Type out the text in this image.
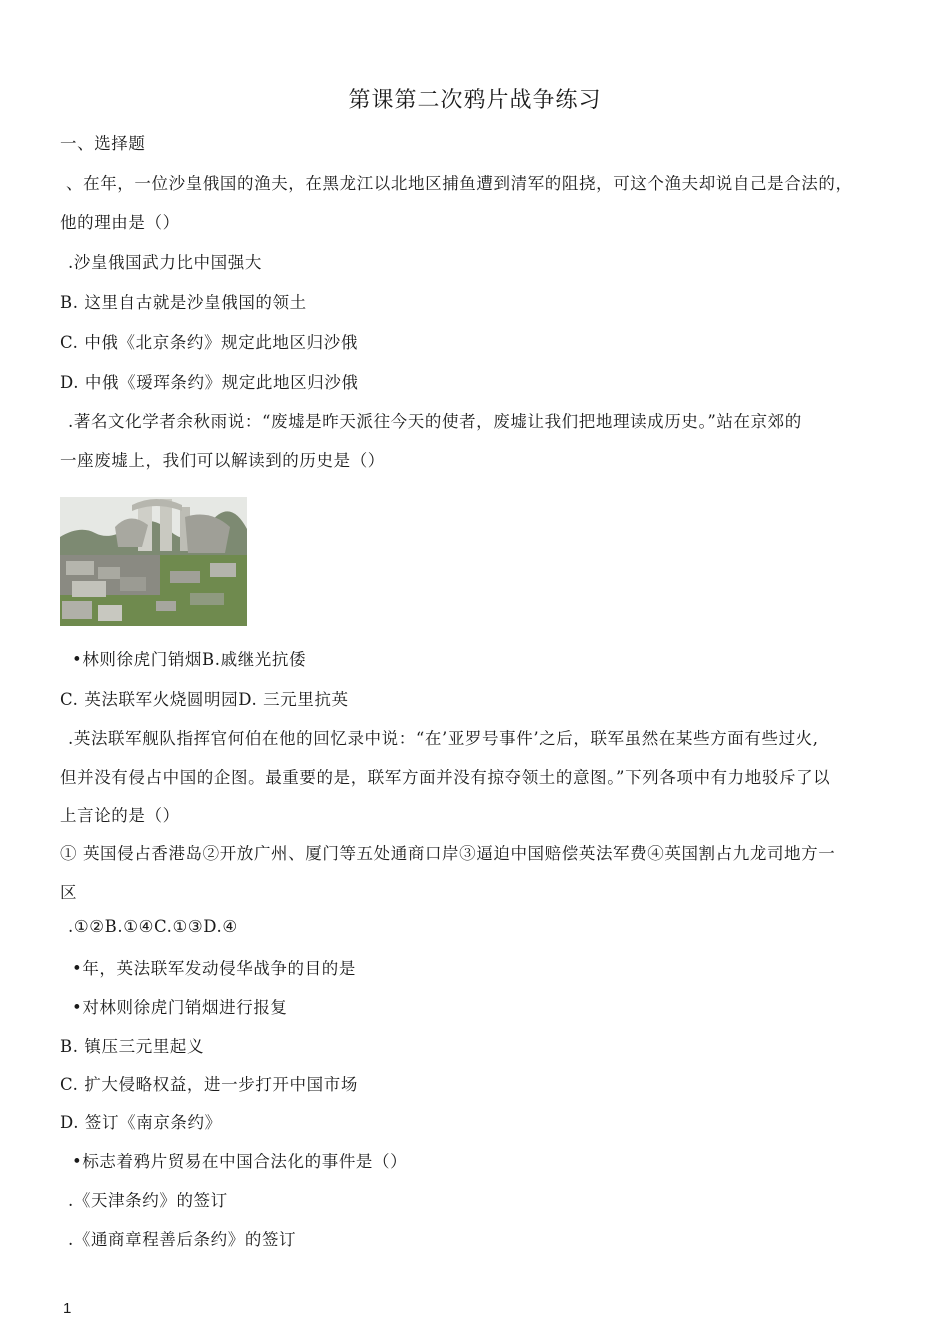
第课第二次鸦片战争练习
一、选择题
、在年，一位沙皇俄国的渔夫，在黑龙江以北地区捕鱼遭到清军的阻挠，可这个渔夫却说自己是合法的，
他的理由是（）
.沙皇俄国武力比中国强大
B. 这里自古就是沙皇俄国的领土
C. 中俄《北京条约》规定此地区归沙俄
D. 中俄《瑷珲条约》规定此地区归沙俄
.著名文化学者余秋雨说：“废墟是昨天派往今天的使者，废墟让我们把地理读成历史。”站在京郊的
一座废墟上，我们可以解读到的历史是（）
•林则徐虎门销烟B.戚继光抗倭
C. 英法联军火烧圆明园D. 三元里抗英
.英法联军舰队指挥官何伯在他的回忆录中说：“在’亚罗号事件’之后，联军虽然在某些方面有些过火,
但并没有侵占中国的企图。最重要的是，联军方面并没有掠夺领土的意图。”下列各项中有力地驳斥了以
上言论的是（）
① 英国侵占香港岛②开放广州、厦门等五处通商口岸③逼迫中国赔偿英法军费④英国割占九龙司地方一
区
.①②B.①④C.①③D.④
•年，英法联军发动侵华战争的目的是
•对林则徐虎门销烟进行报复
B. 镇压三元里起义
C. 扩大侵略权益，进一步打开中国市场
D. 签订《南京条约》
•标志着鸦片贸易在中国合法化的事件是（）
.《天津条约》的签订
.《通商章程善后条约》的签订
1
